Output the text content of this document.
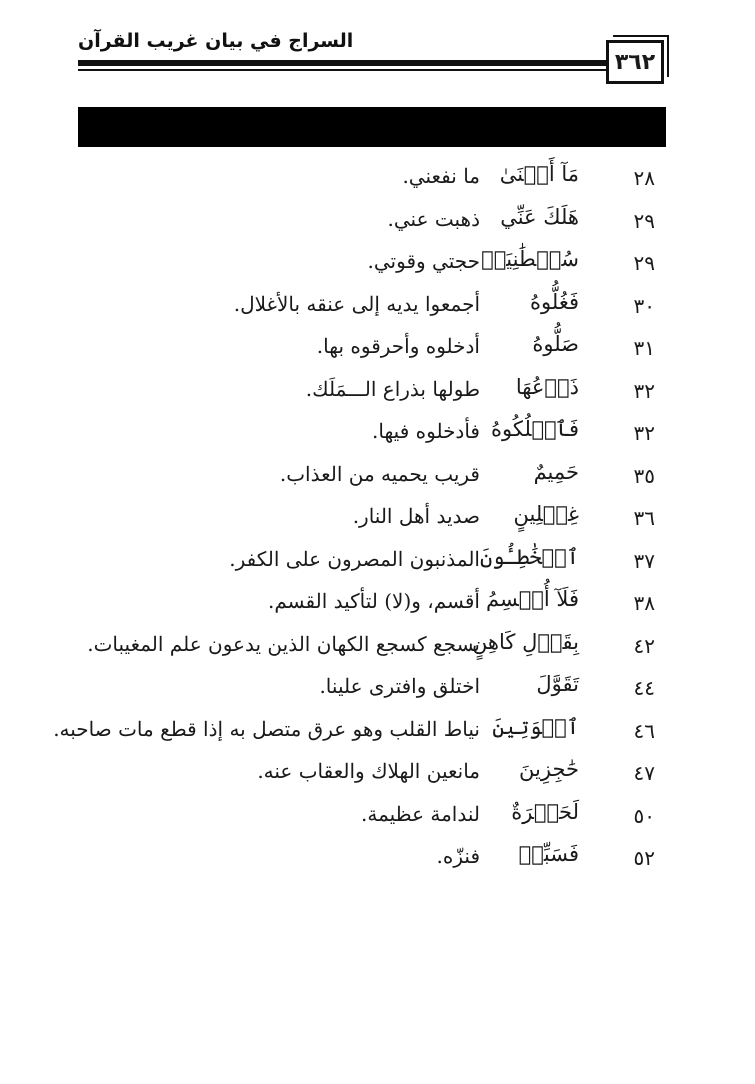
السراج في بيان غريب القرآن
٣٦٢
٢٨
مَآ أَغۡنَىٰ
ما نفعني.
٢٩
هَلَكَ عَنِّي
ذهبت عني.
٢٩
سُلۡطَٰنِيَهۡ
حجتي وقوتي.
٣٠
فَغُلُّوهُ
أجمعوا يديه إلى عنقه بالأغلال.
٣١
صَلُّوهُ
أدخلوه وأحرقوه بها.
٣٢
ذَرۡعُهَا
طولها بذراع الـــمَلَك.
٣٢
فَٱسۡلُكُوهُ
فأدخلوه فيها.
٣٥
حَمِيمٌ
قريب يحميه من العذاب.
٣٦
غِسۡلِينٍ
صديد أهل النار.
٣٧
ٱلۡخَٰطِـُٔونَ
المذنبون المصرون على الكفر.
٣٨
فَلَآ أُقۡسِمُ
أقسم، و(لا) لتأكيد القسم.
٤٢
بِقَوۡلِ كَاهِنٍ
بسجع كسجع الكهان الذين يدعون علم المغيبات.
٤٤
تَقَوَّلَ
اختلق وافترى علينا.
٤٦
ٱلۡوَتِينَ
نياط القلب وهو عرق متصل به إذا قطع مات صاحبه.
٤٧
حَٰجِزِينَ
مانعين الهلاك والعقاب عنه.
٥٠
لَحَسۡرَةٌ
لندامة عظيمة.
٥٢
فَسَبِّحۡ
فنزّه.
